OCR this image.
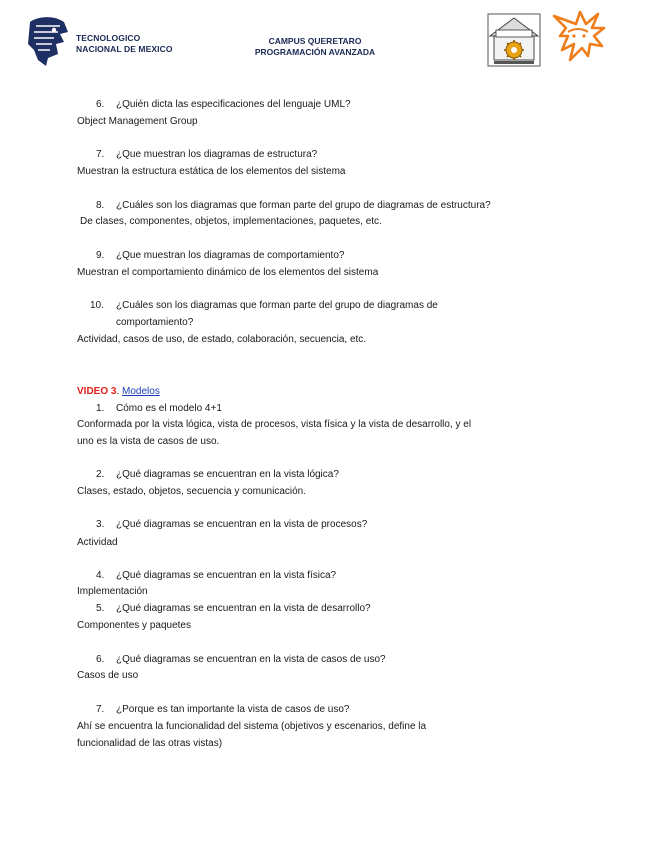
TECNOLOGICO
NACIONAL DE MEXICO
CAMPUS QUERETARO
PROGRAMACIÓN AVANZADA
6. ¿Quién dicta las especificaciones del lenguaje UML?
Object Management Group
7. ¿Que muestran los diagramas de estructura?
Muestran la estructura estática de los elementos del sistema
8. ¿Cuáles son los diagramas que forman parte del grupo de diagramas de estructura?
De clases, componentes, objetos, implementaciones, paquetes, etc.
9. ¿Que muestran los diagramas de comportamiento?
Muestran el comportamiento dinámico de los elementos del sistema
10. ¿Cuáles son los diagramas que forman parte del grupo de diagramas de
comportamiento?
Actividad, casos de uso, de estado, colaboración, secuencia, etc.
VIDEO 3. Modelos
1. Cómo es el modelo 4+1
Conformada por la vista lógica, vista de procesos, vista física y la vista de desarrollo, y el
uno es la vista de casos de uso.
2. ¿Qué diagramas se encuentran en la vista lógica?
Clases, estado, objetos, secuencia y comunicación.
3. ¿Qué diagramas se encuentran en la vista de procesos?
Actividad
4. ¿Qué diagramas se encuentran en la vista física?
Implementación
5. ¿Qué diagramas se encuentran en la vista de desarrollo?
Componentes y paquetes
6. ¿Qué diagramas se encuentran en la vista de casos de uso?
Casos de uso
7. ¿Porque es tan importante la vista de casos de uso?
Ahí se encuentra la funcionalidad del sistema (objetivos y escenarios, define la
funcionalidad de las otras vistas)
